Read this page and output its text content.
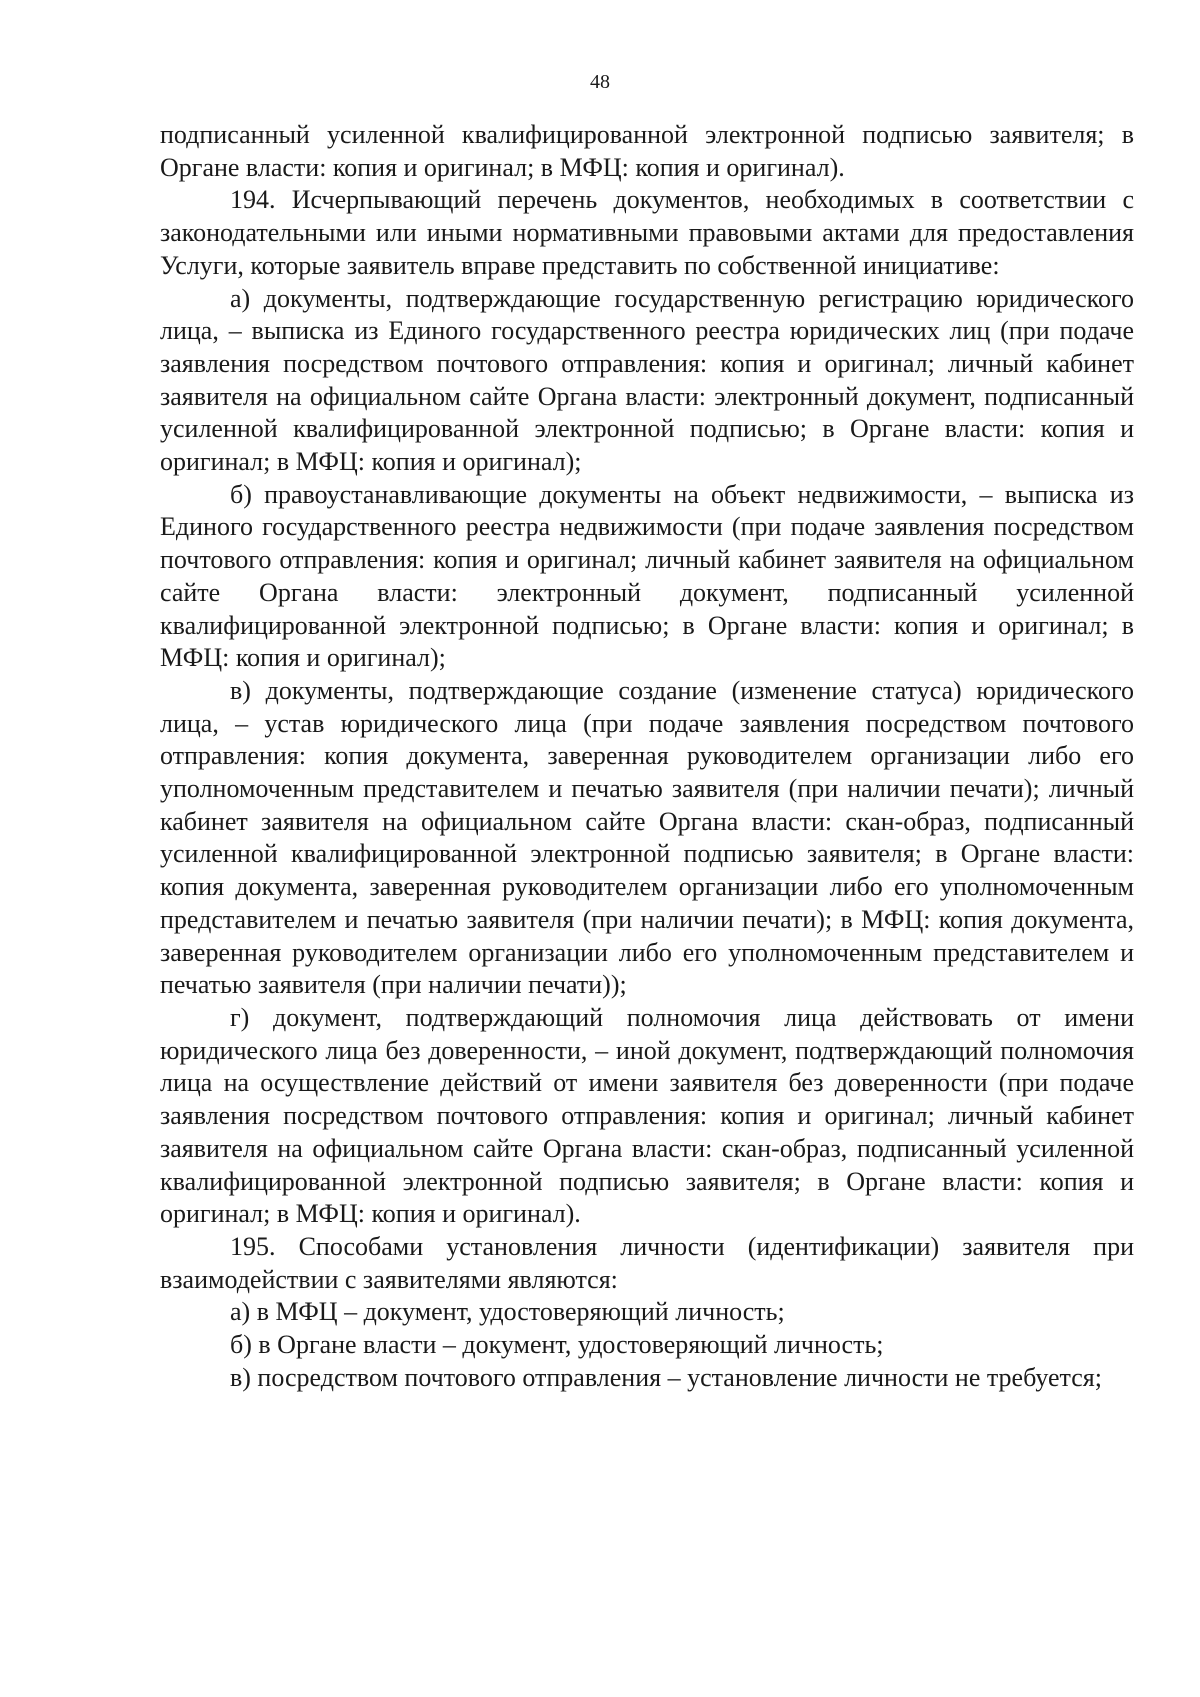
48

подписанный усиленной квалифицированной электронной подписью заявителя; в Органе власти: копия и оригинал; в МФЦ: копия и оригинал).

194. Исчерпывающий перечень документов, необходимых в соответствии с законодательными или иными нормативными правовыми актами для предоставления Услуги, которые заявитель вправе представить по собственной инициативе:

а) документы, подтверждающие государственную регистрацию юридического лица, – выписка из Единого государственного реестра юридических лиц (при подаче заявления посредством почтового отправления: копия и оригинал; личный кабинет заявителя на официальном сайте Органа власти: электронный документ, подписанный усиленной квалифицированной электронной подписью; в Органе власти: копия и оригинал; в МФЦ: копия и оригинал);

б) правоустанавливающие документы на объект недвижимости, – выписка из Единого государственного реестра недвижимости (при подаче заявления посредством почтового отправления: копия и оригинал; личный кабинет заявителя на официальном сайте Органа власти: электронный документ, подписанный усиленной квалифицированной электронной подписью; в Органе власти: копия и оригинал; в МФЦ: копия и оригинал);

в) документы, подтверждающие создание (изменение статуса) юридического лица, – устав юридического лица (при подаче заявления посредством почтового отправления: копия документа, заверенная руководителем организации либо его уполномоченным представителем и печатью заявителя (при наличии печати); личный кабинет заявителя на официальном сайте Органа власти: скан-образ, подписанный усиленной квалифицированной электронной подписью заявителя; в Органе власти: копия документа, заверенная руководителем организации либо его уполномоченным представителем и печатью заявителя (при наличии печати); в МФЦ: копия документа, заверенная руководителем организации либо его уполномоченным представителем и печатью заявителя (при наличии печати));

г) документ, подтверждающий полномочия лица действовать от имени юридического лица без доверенности, – иной документ, подтверждающий полномочия лица на осуществление действий от имени заявителя без доверенности (при подаче заявления посредством почтового отправления: копия и оригинал; личный кабинет заявителя на официальном сайте Органа власти: скан-образ, подписанный усиленной квалифицированной электронной подписью заявителя; в Органе власти: копия и оригинал; в МФЦ: копия и оригинал).

195. Способами установления личности (идентификации) заявителя при взаимодействии с заявителями являются:

а) в МФЦ – документ, удостоверяющий личность;

б) в Органе власти – документ, удостоверяющий личность;

в) посредством почтового отправления – установление личности не требуется;
